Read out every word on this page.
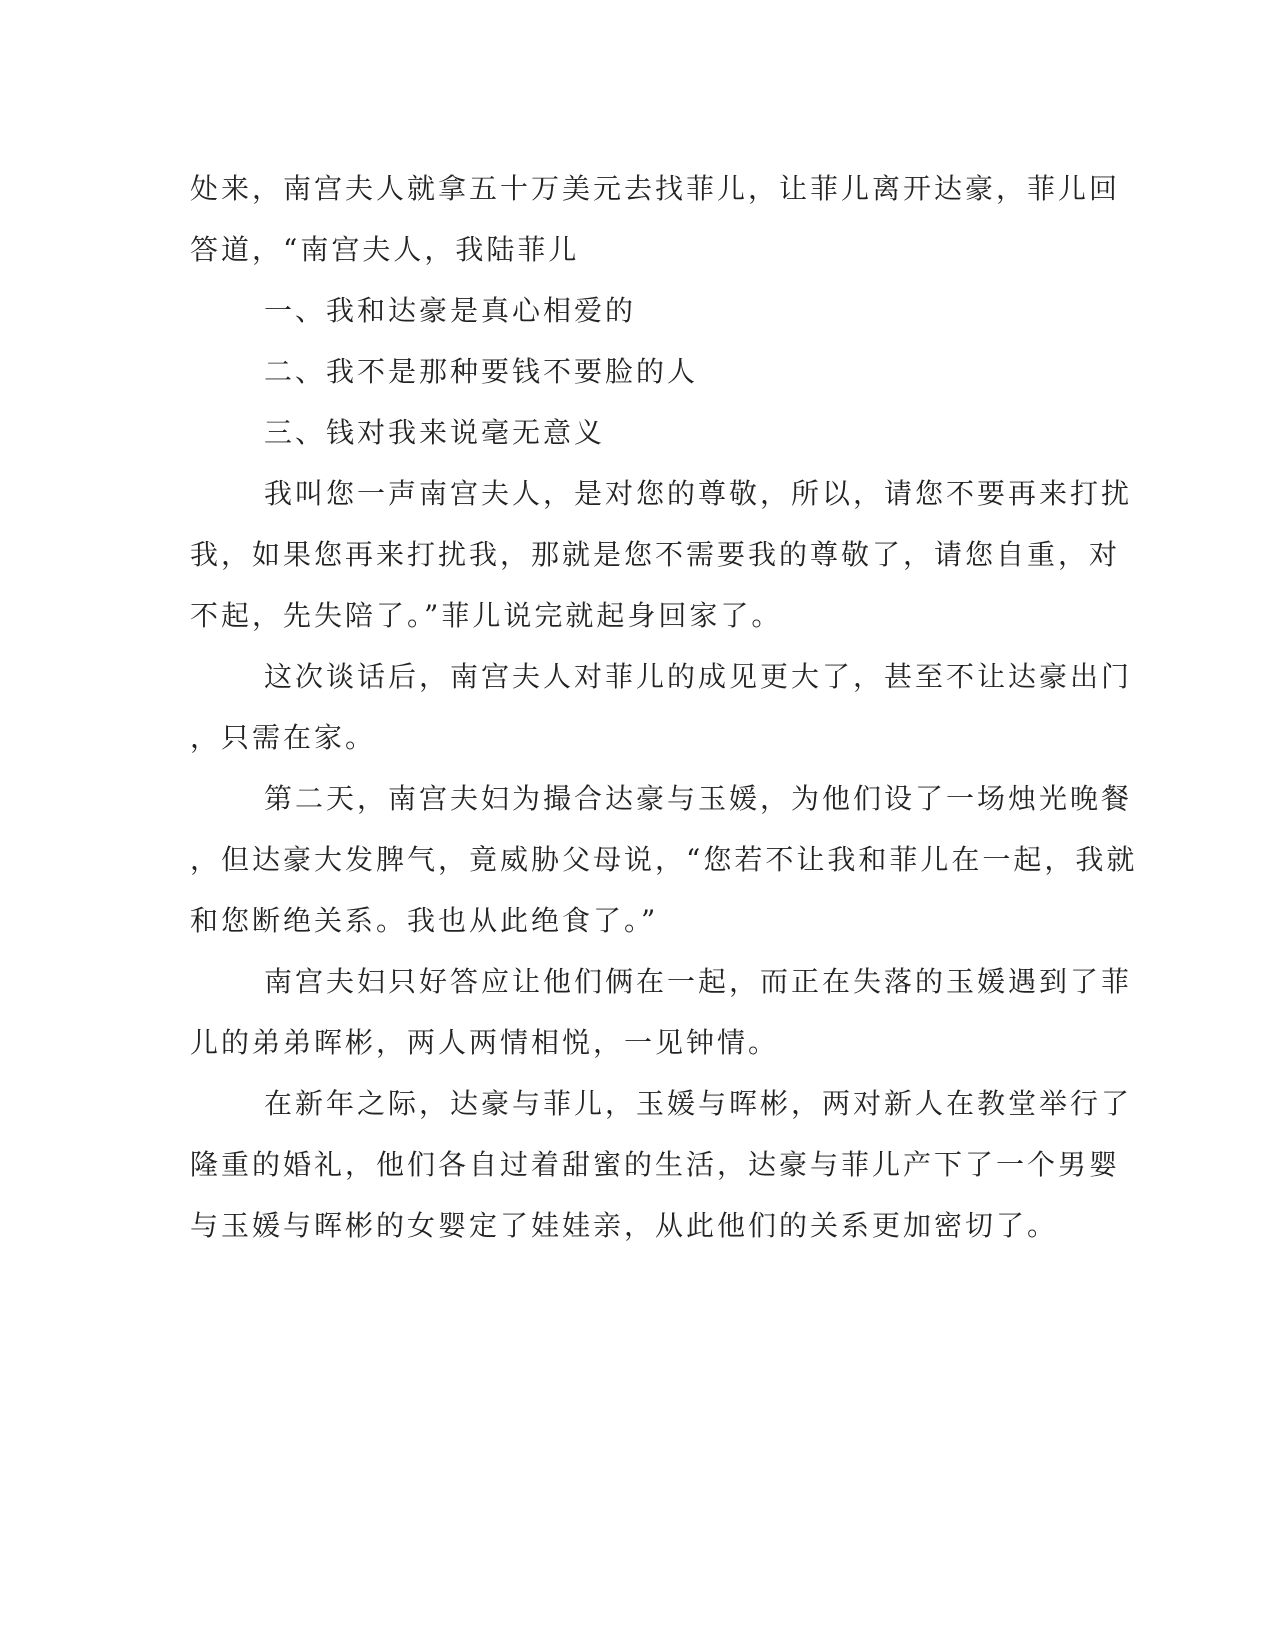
处来，南宫夫人就拿五十万美元去找菲儿，让菲儿离开达豪，菲儿回
答道，“南宫夫人，我陆菲儿
一、我和达豪是真心相爱的
二、我不是那种要钱不要脸的人
三、钱对我来说毫无意义
我叫您一声南宫夫人，是对您的尊敬，所以，请您不要再来打扰
我，如果您再来打扰我，那就是您不需要我的尊敬了，请您自重，对
不起，先失陪了。”菲儿说完就起身回家了。
这次谈话后，南宫夫人对菲儿的成见更大了，甚至不让达豪出门
，只需在家。
第二天，南宫夫妇为撮合达豪与玉媛，为他们设了一场烛光晚餐
，但达豪大发脾气，竟威胁父母说，“您若不让我和菲儿在一起，我就
和您断绝关系。我也从此绝食了。”
南宫夫妇只好答应让他们俩在一起，而正在失落的玉媛遇到了菲
儿的弟弟晖彬，两人两情相悦，一见钟情。
在新年之际，达豪与菲儿，玉媛与晖彬，两对新人在教堂举行了
隆重的婚礼，他们各自过着甜蜜的生活，达豪与菲儿产下了一个男婴
与玉媛与晖彬的女婴定了娃娃亲，从此他们的关系更加密切了。
